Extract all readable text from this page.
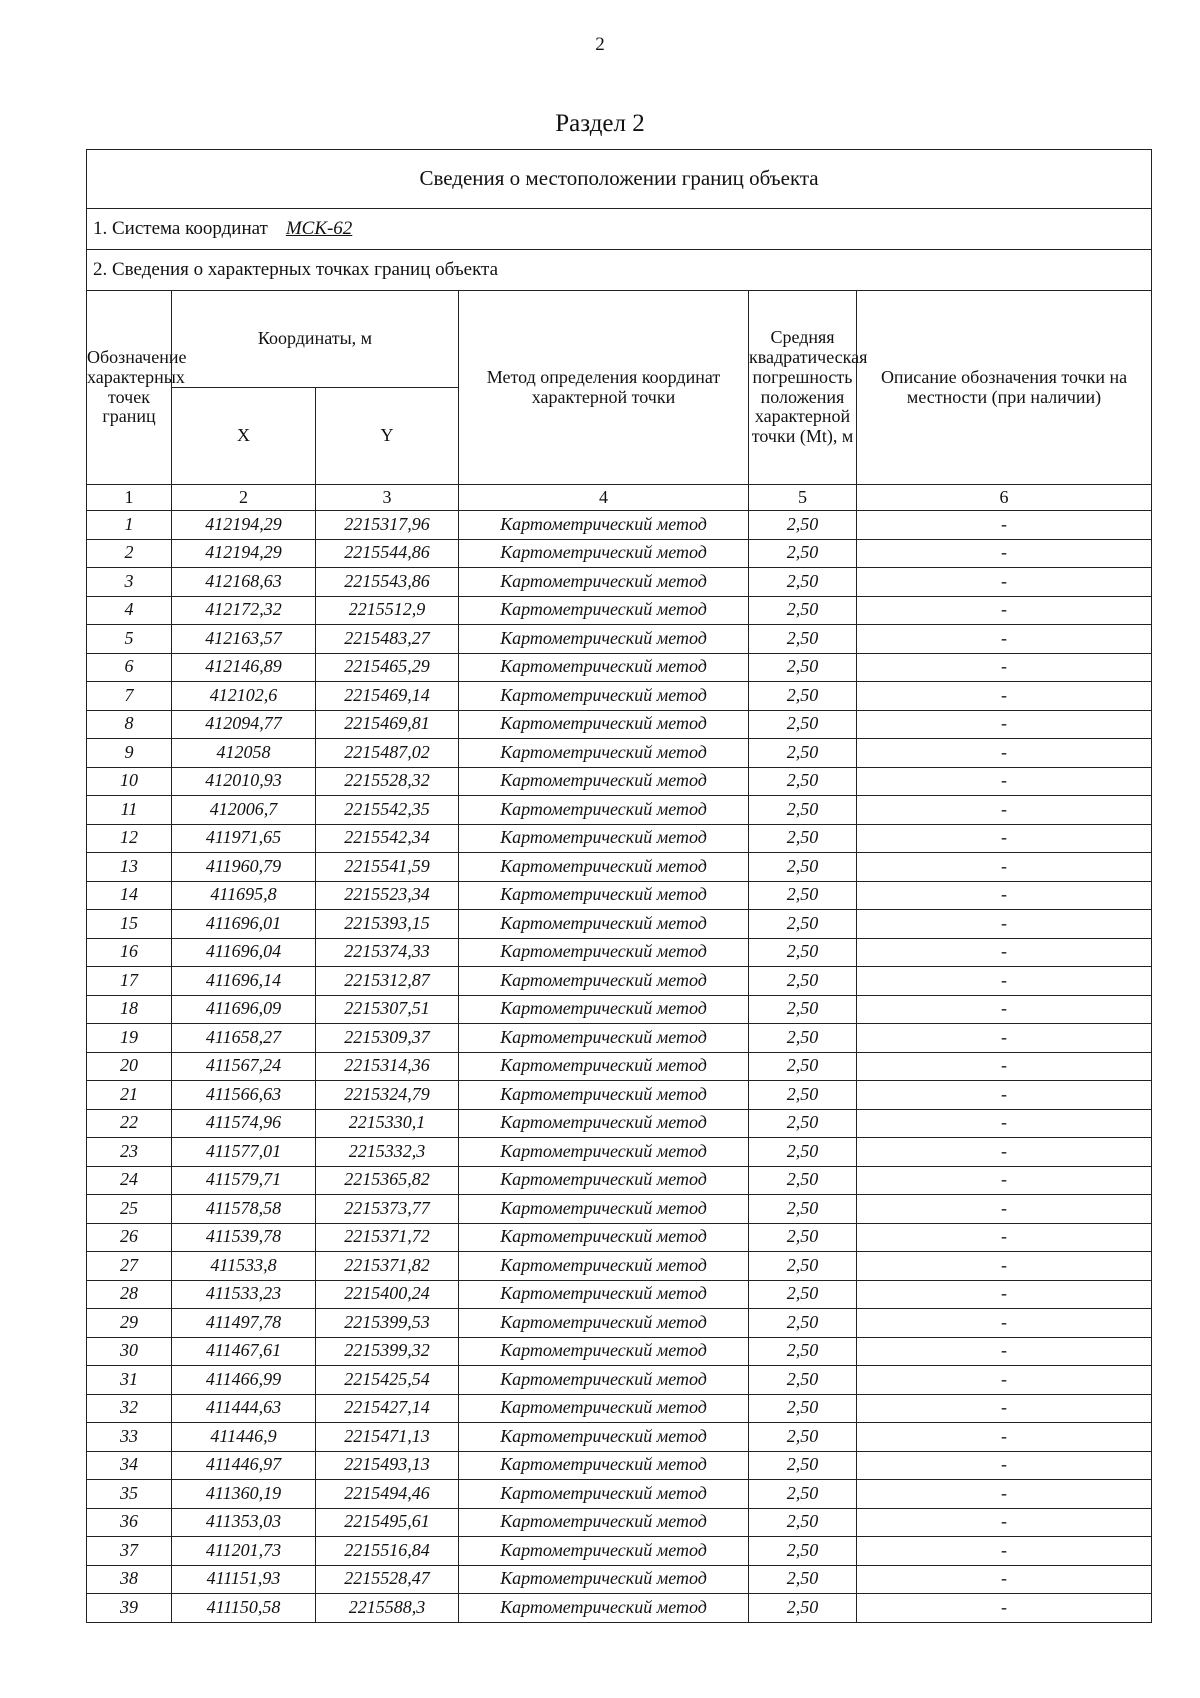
2
Раздел 2
Сведения о местоположении границ объекта					
1. Система координат МСК-62					
2. Сведения о характерных точках границ объекта					
Обозначение характерных точек границ	Координаты, м		Метод определения координат характерной точки	Средняя квадратическая погрешность положения характерной точки (Mt), м	Описание обозначения точки на местности (при наличии)
	X	Y			
1	2	3	4	5	6
1	412194,29	2215317,96	Картометрический метод	2,50	-
2	412194,29	2215544,86	Картометрический метод	2,50	-
3	412168,63	2215543,86	Картометрический метод	2,50	-
4	412172,32	2215512,9	Картометрический метод	2,50	-
5	412163,57	2215483,27	Картометрический метод	2,50	-
6	412146,89	2215465,29	Картометрический метод	2,50	-
7	412102,6	2215469,14	Картометрический метод	2,50	-
8	412094,77	2215469,81	Картометрический метод	2,50	-
9	412058	2215487,02	Картометрический метод	2,50	-
10	412010,93	2215528,32	Картометрический метод	2,50	-
11	412006,7	2215542,35	Картометрический метод	2,50	-
12	411971,65	2215542,34	Картометрический метод	2,50	-
13	411960,79	2215541,59	Картометрический метод	2,50	-
14	411695,8	2215523,34	Картометрический метод	2,50	-
15	411696,01	2215393,15	Картометрический метод	2,50	-
16	411696,04	2215374,33	Картометрический метод	2,50	-
17	411696,14	2215312,87	Картометрический метод	2,50	-
18	411696,09	2215307,51	Картометрический метод	2,50	-
19	411658,27	2215309,37	Картометрический метод	2,50	-
20	411567,24	2215314,36	Картометрический метод	2,50	-
21	411566,63	2215324,79	Картометрический метод	2,50	-
22	411574,96	2215330,1	Картометрический метод	2,50	-
23	411577,01	2215332,3	Картометрический метод	2,50	-
24	411579,71	2215365,82	Картометрический метод	2,50	-
25	411578,58	2215373,77	Картометрический метод	2,50	-
26	411539,78	2215371,72	Картометрический метод	2,50	-
27	411533,8	2215371,82	Картометрический метод	2,50	-
28	411533,23	2215400,24	Картометрический метод	2,50	-
29	411497,78	2215399,53	Картометрический метод	2,50	-
30	411467,61	2215399,32	Картометрический метод	2,50	-
31	411466,99	2215425,54	Картометрический метод	2,50	-
32	411444,63	2215427,14	Картометрический метод	2,50	-
33	411446,9	2215471,13	Картометрический метод	2,50	-
34	411446,97	2215493,13	Картометрический метод	2,50	-
35	411360,19	2215494,46	Картометрический метод	2,50	-
36	411353,03	2215495,61	Картометрический метод	2,50	-
37	411201,73	2215516,84	Картометрический метод	2,50	-
38	411151,93	2215528,47	Картометрический метод	2,50	-
39	411150,58	2215588,3	Картометрический метод	2,50	-
